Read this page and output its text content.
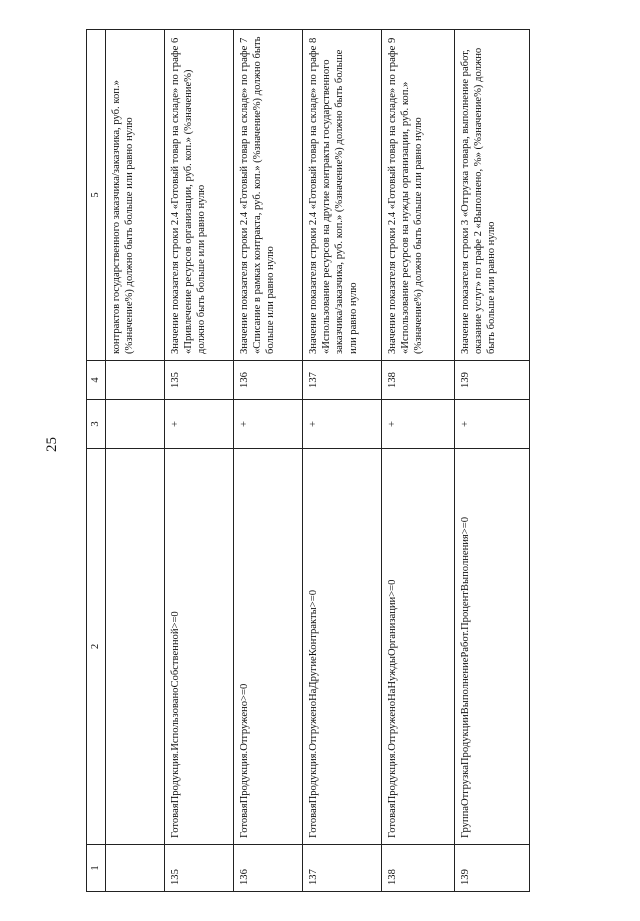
25
1	2	3	4	5
				контрактов государственного заказчика/заказчика, руб. коп.» (%значение%) должно быть больше или равно нулю
135	ГотоваяПродукция.ИспользованоСобственной>=0	+	135	Значение показателя строки 2.4 «Готовый товар на складе» по графе 6 «Привлечение ресурсов организации, руб. коп.» (%значение%) должно быть больше или равно нулю
136	ГотоваяПродукция.Отгружено>=0	+	136	Значение показателя строки 2.4 «Готовый товар на складе» по графе 7 «Списание в рамках контракта, руб. коп.» (%значение%) должно быть больше или равно нулю
137	ГотоваяПродукция.ОтгруженоНаДругиеКонтракты>=0	+	137	Значение показателя строки 2.4 «Готовый товар на складе» по графе 8 «Использование ресурсов на другие контракты государственного заказчика/заказчика, руб. коп.» (%значение%) должно быть больше или равно нулю
138	ГотоваяПродукция.ОтгруженоНаНуждыОрганизации>=0	+	138	Значение показателя строки 2.4 «Готовый товар на складе» по графе 9 «Использование ресурсов на нужды организации, руб. коп.» (%значение%) должно быть больше или равно нулю
139	ГруппаОтгрузкаПродукцииВыполнениеРабот.ПроцентВыполнения>=0	+	139	Значение показателя строки 3 «Отгрузка товара, выполнение работ, оказание услуг» по графе 2 «Выполнено, %» (%значение%) должно быть больше или равно нулю
